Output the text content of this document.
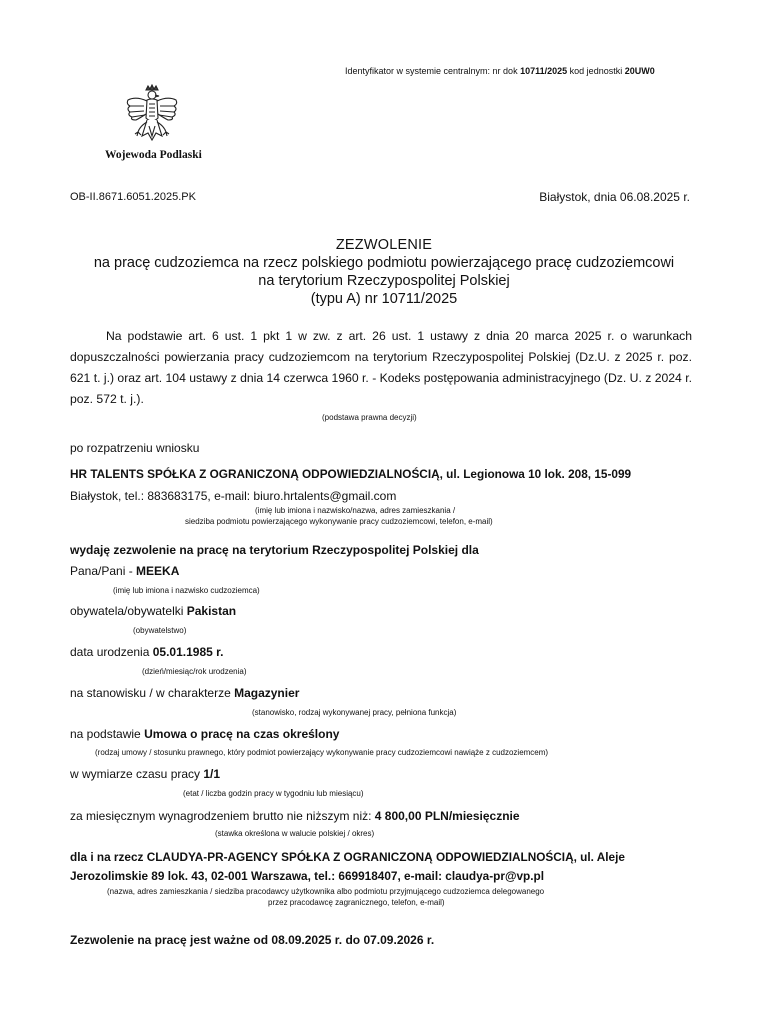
Identyfikator w systemie centralnym: nr dok 10711/2025 kod jednostki 20UW0
Wojewoda Podlaski
OB-II.8671.6051.2025.PK	Białystok, dnia 06.08.2025 r.
ZEZWOLENIE
na pracę cudzoziemca na rzecz polskiego podmiotu powierzającego pracę cudzoziemcowi
na terytorium Rzeczypospolitej Polskiej
(typu A) nr 10711/2025
Na podstawie art. 6 ust. 1 pkt 1 w zw. z art. 26 ust. 1 ustawy z dnia 20 marca 2025 r. o warunkach dopuszczalności powierzania pracy cudzoziemcom na terytorium Rzeczypospolitej Polskiej (Dz.U. z 2025 r. poz. 621 t. j.) oraz art. 104 ustawy z dnia 14 czerwca 1960 r. - Kodeks postępowania administracyjnego (Dz. U. z 2024 r. poz. 572 t. j.).
(podstawa prawna decyzji)
po rozpatrzeniu wniosku
HR TALENTS SPÓŁKA Z OGRANICZONĄ ODPOWIEDZIALNOŚCIĄ, ul. Legionowa 10 lok. 208, 15-099
Białystok, tel.: 883683175, e-mail: biuro.hrtalents@gmail.com
(imię lub imiona i nazwisko/nazwa, adres zamieszkania /
siedziba podmiotu powierzającego wykonywanie pracy cudzoziemcowi, telefon, e-mail)
wydaję zezwolenie na pracę na terytorium Rzeczypospolitej Polskiej dla
Pana/Pani - MEEKA
(imię lub imiona i nazwisko cudzoziemca)
obywatela/obywatelki Pakistan
(obywatelstwo)
data urodzenia 05.01.1985 r.
(dzień/miesiąc/rok urodzenia)
na stanowisku / w charakterze Magazynier
(stanowisko, rodzaj wykonywanej pracy, pełniona funkcja)
na podstawie Umowa o pracę na czas określony
(rodzaj umowy / stosunku prawnego, który podmiot powierzający wykonywanie pracy cudzoziemcowi nawiąże z cudzoziemcem)
w wymiarze czasu pracy 1/1
(etat / liczba godzin pracy w tygodniu lub miesiącu)
za miesięcznym wynagrodzeniem brutto nie niższym niż: 4 800,00 PLN/miesięcznie
(stawka określona w walucie polskiej / okres)
dla i na rzecz CLAUDYA-PR-AGENCY SPÓŁKA Z OGRANICZONĄ ODPOWIEDZIALNOŚCIĄ, ul. Aleje
Jerozolimskie 89 lok. 43, 02-001 Warszawa, tel.: 669918407, e-mail: claudya-pr@vp.pl
(nazwa, adres zamieszkania / siedziba pracodawcy użytkownika albo podmiotu przyjmującego cudzoziemca delegowanego
przez pracodawcę zagranicznego, telefon, e-mail)
Zezwolenie na pracę jest ważne od 08.09.2025 r. do 07.09.2026 r.
